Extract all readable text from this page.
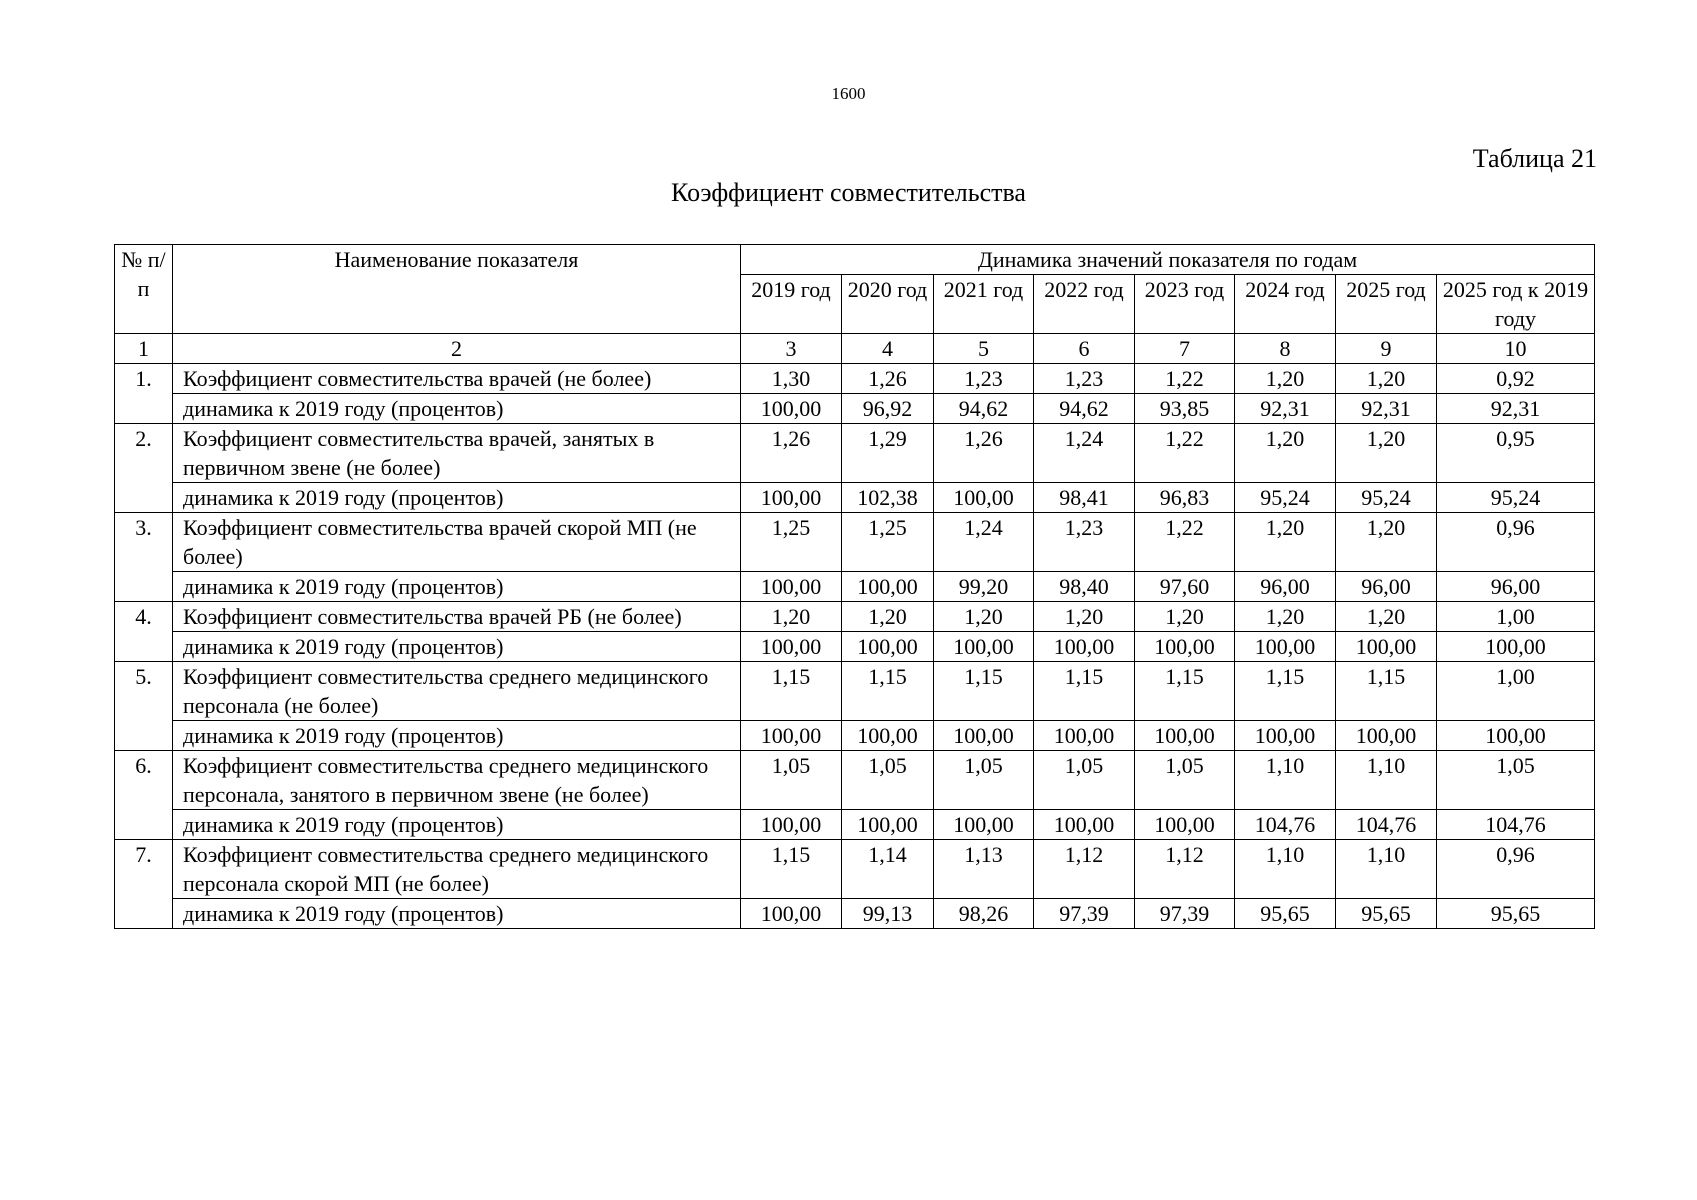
1600
Таблица 21
Коэффициент совместительства
№ п/п	Наименование показателя	Динамика значений показателя по годам							
		2019 год	2020 год	2021 год	2022 год	2023 год	2024 год	2025 год	2025 год к 2019 году
1	2	3	4	5	6	7	8	9	10
1.	Коэффициент совместительства врачей (не более)	1,30	1,26	1,23	1,23	1,22	1,20	1,20	0,92
	динамика к 2019 году (процентов)	100,00	96,92	94,62	94,62	93,85	92,31	92,31	92,31
2.	Коэффициент совместительства врачей, занятых в первичном звене (не более)	1,26	1,29	1,26	1,24	1,22	1,20	1,20	0,95
	динамика к 2019 году (процентов)	100,00	102,38	100,00	98,41	96,83	95,24	95,24	95,24
3.	Коэффициент совместительства врачей скорой МП (не более)	1,25	1,25	1,24	1,23	1,22	1,20	1,20	0,96
	динамика к 2019 году (процентов)	100,00	100,00	99,20	98,40	97,60	96,00	96,00	96,00
4.	Коэффициент совместительства врачей РБ (не более)	1,20	1,20	1,20	1,20	1,20	1,20	1,20	1,00
	динамика к 2019 году (процентов)	100,00	100,00	100,00	100,00	100,00	100,00	100,00	100,00
5.	Коэффициент совместительства среднего медицинского персонала (не более)	1,15	1,15	1,15	1,15	1,15	1,15	1,15	1,00
	динамика к 2019 году (процентов)	100,00	100,00	100,00	100,00	100,00	100,00	100,00	100,00
6.	Коэффициент совместительства среднего медицинского персонала, занятого в первичном звене (не более)	1,05	1,05	1,05	1,05	1,05	1,10	1,10	1,05
	динамика к 2019 году (процентов)	100,00	100,00	100,00	100,00	100,00	104,76	104,76	104,76
7.	Коэффициент совместительства среднего медицинского персонала скорой МП (не более)	1,15	1,14	1,13	1,12	1,12	1,10	1,10	0,96
	динамика к 2019 году (процентов)	100,00	99,13	98,26	97,39	97,39	95,65	95,65	95,65
